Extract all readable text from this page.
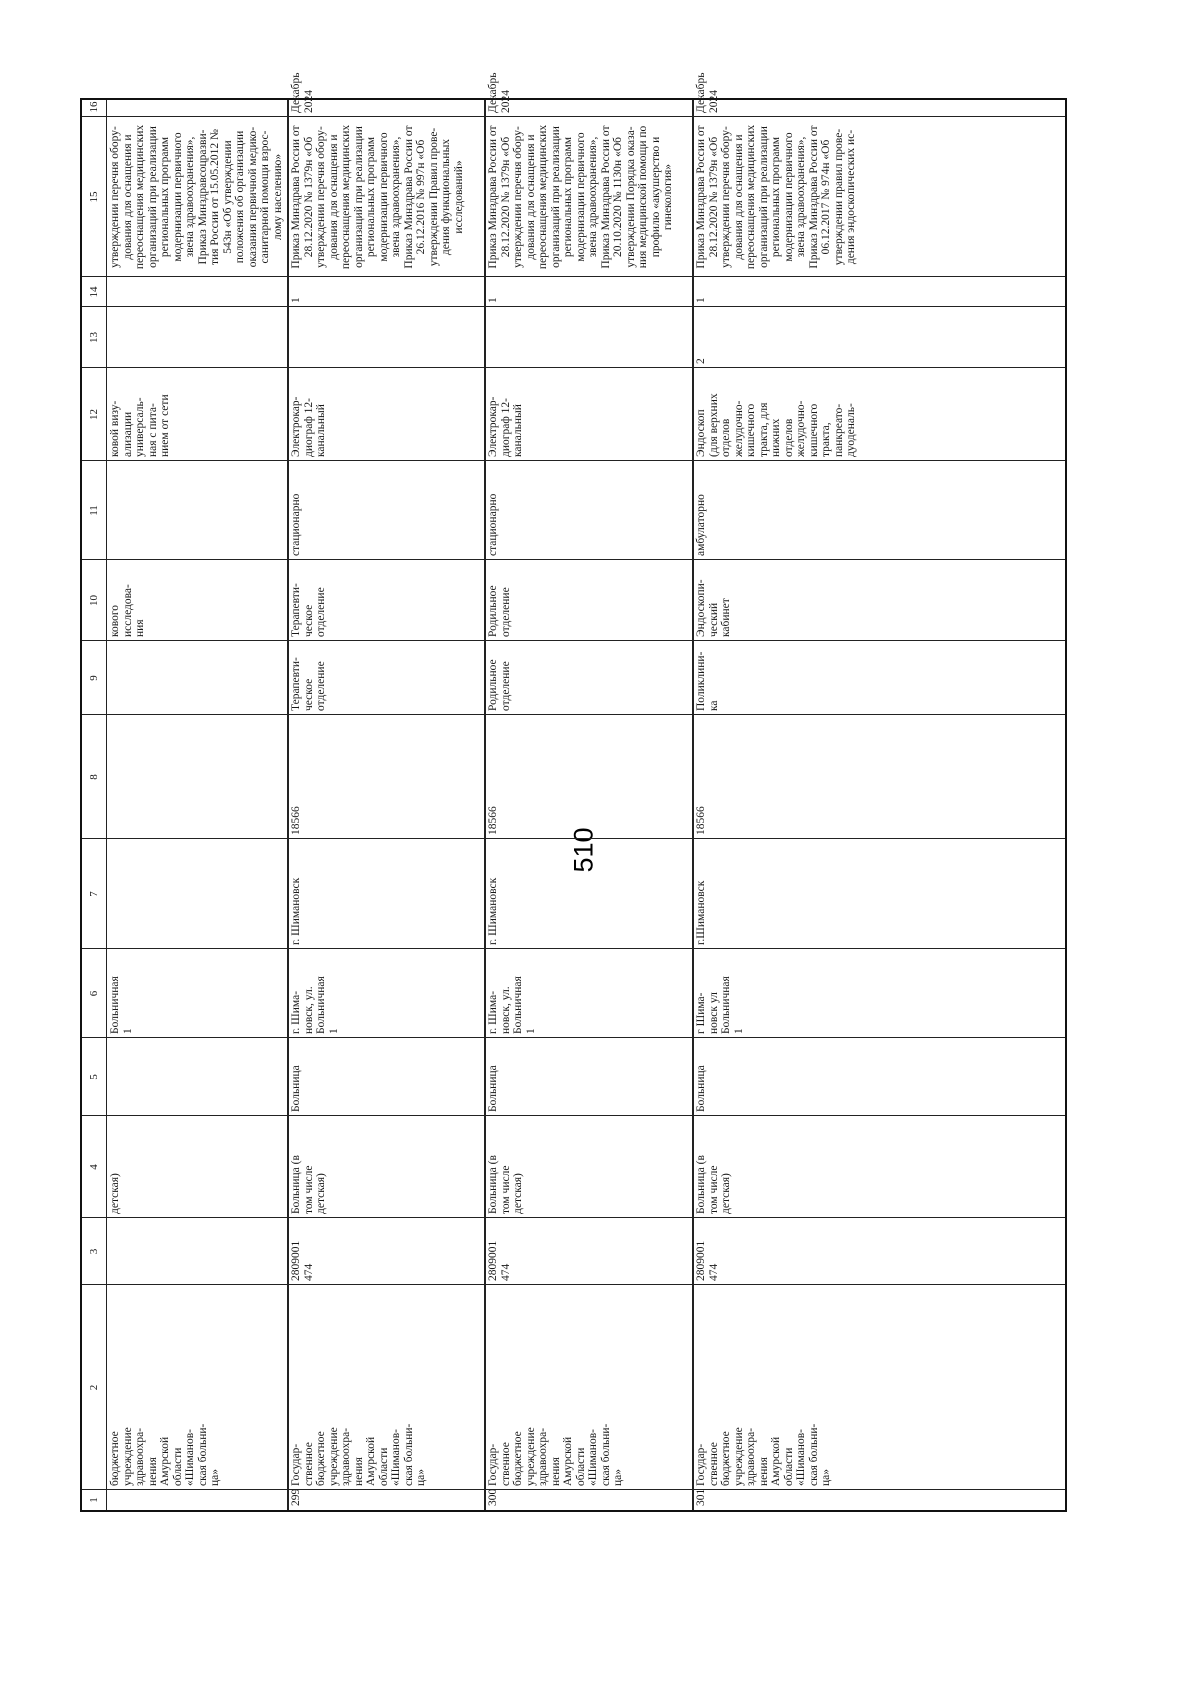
510
1
2
3
4
5
6
7
8
9
10
11
12
13
14
15
16
бюджетное
учреждение
здравоохра-
нения
Амурской
области
«Шиманов-
ская больни-
ца»
детская)
Больничная
1
кового
исследова-
ния
ковой визу-
ализации
универсаль-
ная с пита-
нием от сети
утверждении перечня обору-
дования для оснащения и
переоснащения медицинских
организаций при реализации
региональных программ
модернизации первичного
звена здравоохранения»,
Приказ Минздравсоцразви-
тия России от 15.05.2012 №
543н «Об утверждении
положения об организации
оказания первичной медико-
санитарной помощи взрос-
лому населению»
299
Государ-
ственное
бюджетное
учреждение
здравоохра-
нения
Амурской
области
«Шиманов-
ская больни-
ца»
2809001
474
Больница (в
том числе
детская)
Больница
г. Шима-
новск, ул.
Больничная
1
г. Шимановск
18566
Терапевти-
ческое
отделение
Терапевти-
ческое
отделение
стационарно
Электрокар-
диограф 12-
канальный
1
Приказ Минздрава России от
28.12.2020 № 1379н «Об
утверждении перечня обору-
дования для оснащения и
переоснащения медицинских
организаций при реализации
региональных программ
модернизации первичного
звена здравоохранения»,
Приказ Минздрава России от
26.12.2016 № 997н «Об
утверждении Правил прове-
дения функциональных
исследований»
Декабрь
2024
300
Государ-
ственное
бюджетное
учреждение
здравоохра-
нения
Амурской
области
«Шиманов-
ская больни-
ца»
2809001
474
Больница (в
том числе
детская)
Больница
г. Шима-
новск, ул.
Больничная
1
г. Шимановск
18566
Родильное
отделение
Родильное
отделение
стационарно
Электрокар-
диограф 12-
канальный
1
Приказ Минздрава России от
28.12.2020 № 1379н «Об
утверждении перечня обору-
дования для оснащения и
переоснащения медицинских
организаций при реализации
региональных программ
модернизации первичного
звена здравоохранения»,
Приказ Минздрава России от
20.10.2020 № 1130н «Об
утверждении Порядка оказа-
ния медицинской помощи по
профилю «акушерство и
гинекология»
Декабрь
2024
301
Государ-
ственное
бюджетное
учреждение
здравоохра-
нения
Амурской
области
«Шиманов-
ская больни-
ца»
2809001
474
Больница (в
том числе
детская)
Больница
г Шима-
новск ул
Больничная
1
г.Шимановск
18566
Поликлини-
ка
Эндоскопи-
ческий
кабинет
амбулаторно
Эндоскоп
(для верхних
отделов
желудочно-
кишечного
тракта, для
нижних
отделов
желудочно-
кишечного
тракта,
панкреато-
дуоденаль-
2
1
Приказ Минздрава России от
28.12.2020 № 1379н «Об
утверждении перечня обору-
дования для оснащения и
переоснащения медицинских
организаций при реализации
региональных программ
модернизации первичного
звена здравоохранения»,
Приказ Минздрава России от
06.12.2017 № 974н «Об
утверждении правил прове-
дения эндоскопических ис-
Декабрь
2024
